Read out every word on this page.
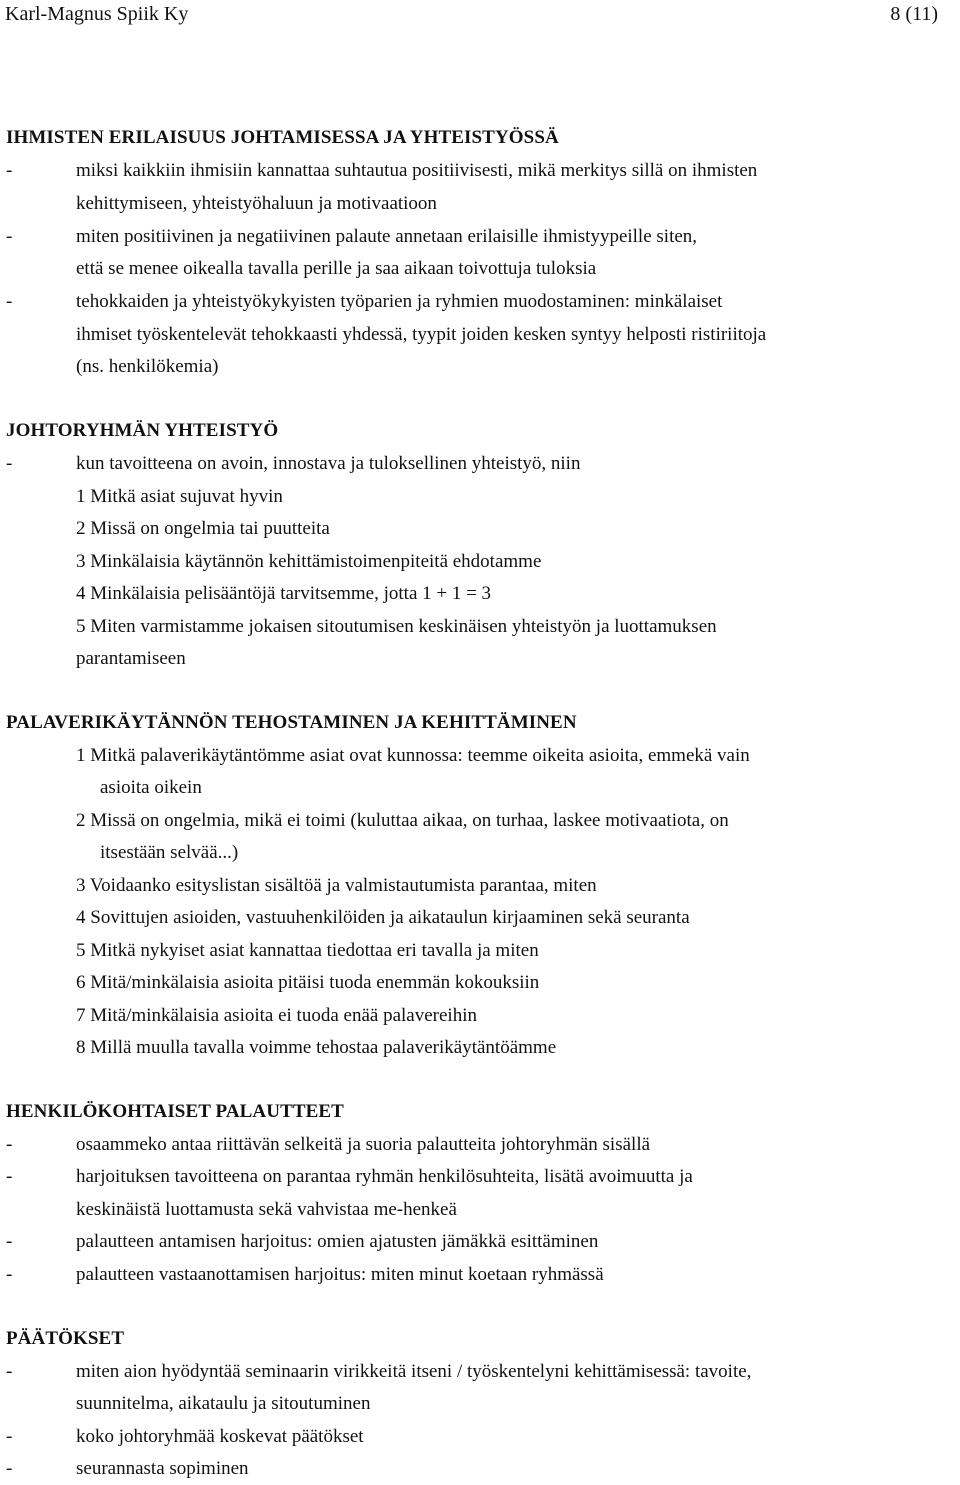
Karl-Magnus Spiik Ky	8 (11)
IHMISTEN ERILAISUUS JOHTAMISESSA JA YHTEISTYÖSSÄ
-	miksi kaikkiin ihmisiin kannattaa suhtautua positiivisesti, mikä merkitys sillä on ihmisten
kehittymiseen, yhteistyöhaluun ja motivaatioon
-	miten positiivinen ja negatiivinen palaute annetaan erilaisille ihmistyypeille siten,
että se menee oikealla tavalla perille ja saa aikaan toivottuja tuloksia
-	tehokkaiden ja yhteistyökykyisten työparien ja ryhmien muodostaminen: minkälaiset
ihmiset työskentelevät tehokkaasti yhdessä, tyypit joiden kesken syntyy helposti ristiriitoja
(ns. henkilökemia)
JOHTORYHMÄN YHTEISTYÖ
-	kun tavoitteena on avoin, innostava ja tuloksellinen yhteistyö, niin
1 Mitkä asiat sujuvat hyvin
2 Missä on ongelmia tai puutteita
3 Minkälaisia käytännön kehittämistoimenpiteitä ehdotamme
4 Minkälaisia pelisääntöjä tarvitsemme, jotta 1 + 1 = 3
5 Miten varmistamme jokaisen sitoutumisen keskinäisen yhteistyön ja luottamuksen
parantamiseen
PALAVERIKÄYTÄNNÖN TEHOSTAMINEN JA KEHITTÄMINEN
1 Mitkä palaverikäytäntömme asiat ovat kunnossa: teemme oikeita asioita, emmekä vain
asioita oikein
2 Missä on ongelmia, mikä ei toimi (kuluttaa aikaa, on turhaa, laskee motivaatiota, on
itsestään selvää...)
3 Voidaanko esityslistan sisältöä ja valmistautumista parantaa, miten
4 Sovittujen asioiden, vastuuhenkilöiden ja aikataulun kirjaaminen sekä seuranta
5 Mitkä nykyiset asiat kannattaa tiedottaa eri tavalla ja miten
6 Mitä/minkälaisia asioita pitäisi tuoda enemmän kokouksiin
7 Mitä/minkälaisia asioita ei tuoda enää palavereihin
8 Millä muulla tavalla voimme tehostaa palaverikäytäntöämme
HENKILÖKOHTAISET PALAUTTEET
-	osaammeko antaa riittävän selkeitä ja suoria palautteita johtoryhmän sisällä
-	harjoituksen tavoitteena on parantaa ryhmän henkilösuhteita, lisätä avoimuutta ja
keskinäistä luottamusta sekä vahvistaa me-henkeä
-	palautteen antamisen harjoitus: omien ajatusten jämäkkä esittäminen
-	palautteen vastaanottamisen harjoitus: miten minut koetaan ryhmässä
PÄÄTÖKSET
-	miten aion hyödyntää seminaarin virikkeitä itseni / työskentelyni kehittämisessä: tavoite,
suunnitelma, aikataulu ja sitoutuminen
-	koko johtoryhmää koskevat päätökset
-	seurannasta sopiminen
